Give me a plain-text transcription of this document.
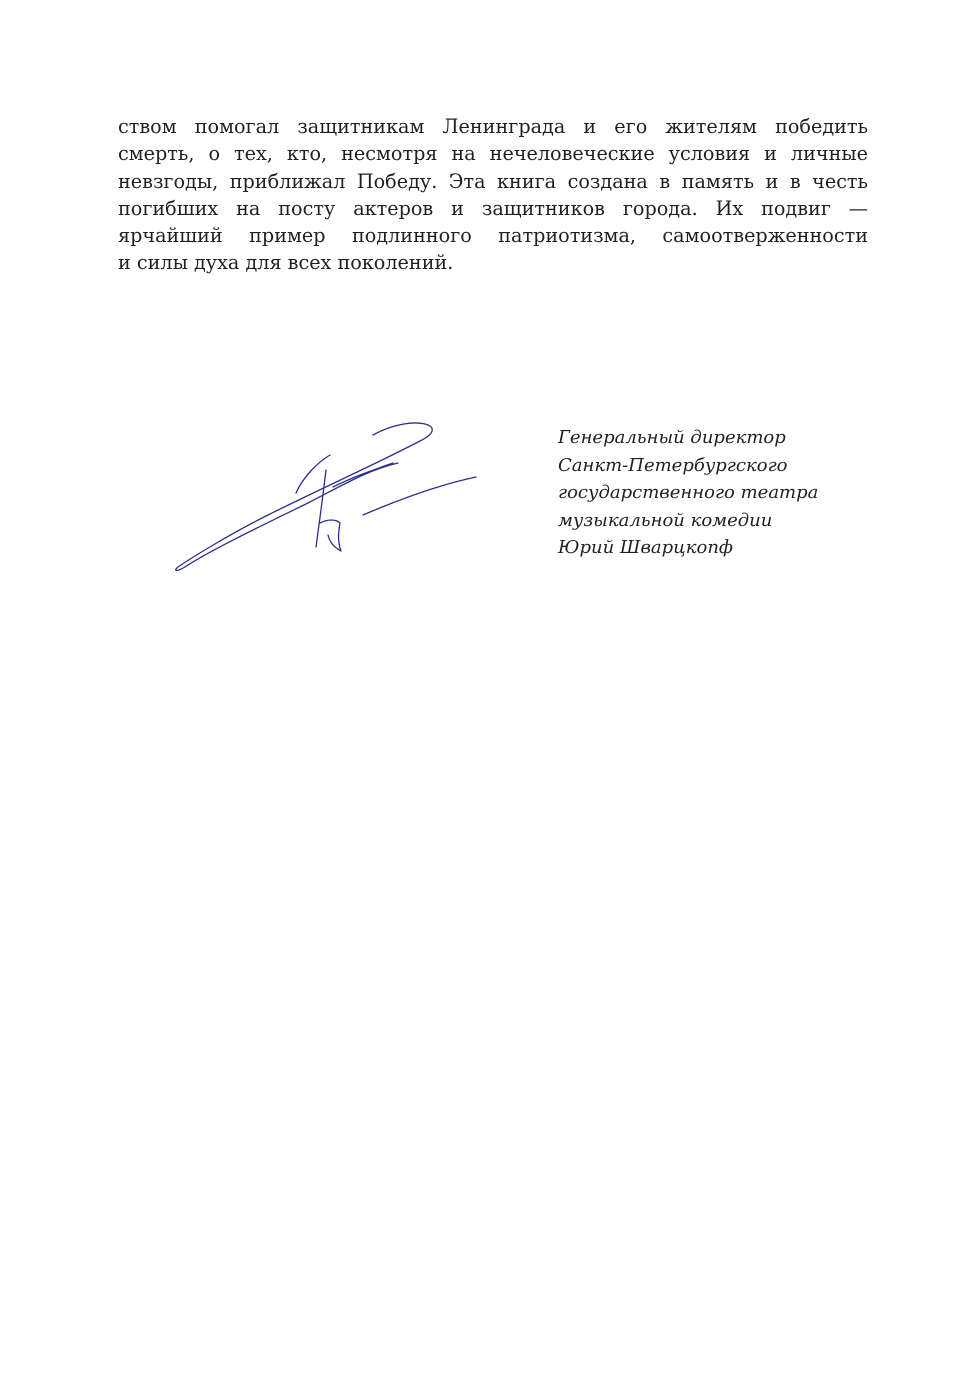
ством помогал защитникам Ленинграда и его жителям победить
смерть, о тех, кто, несмотря на нечеловеческие условия и личные
невзгоды, приближал Победу. Эта книга создана в память и в честь
погибших на посту актеров и защитников города. Их подвиг —
ярчайший пример подлинного патриотизма, самоотверженности
и силы духа для всех поколений.

Генеральный директор
Санкт-Петербургского
государственного театра
музыкальной комедии
Юрий Шварцкопф
